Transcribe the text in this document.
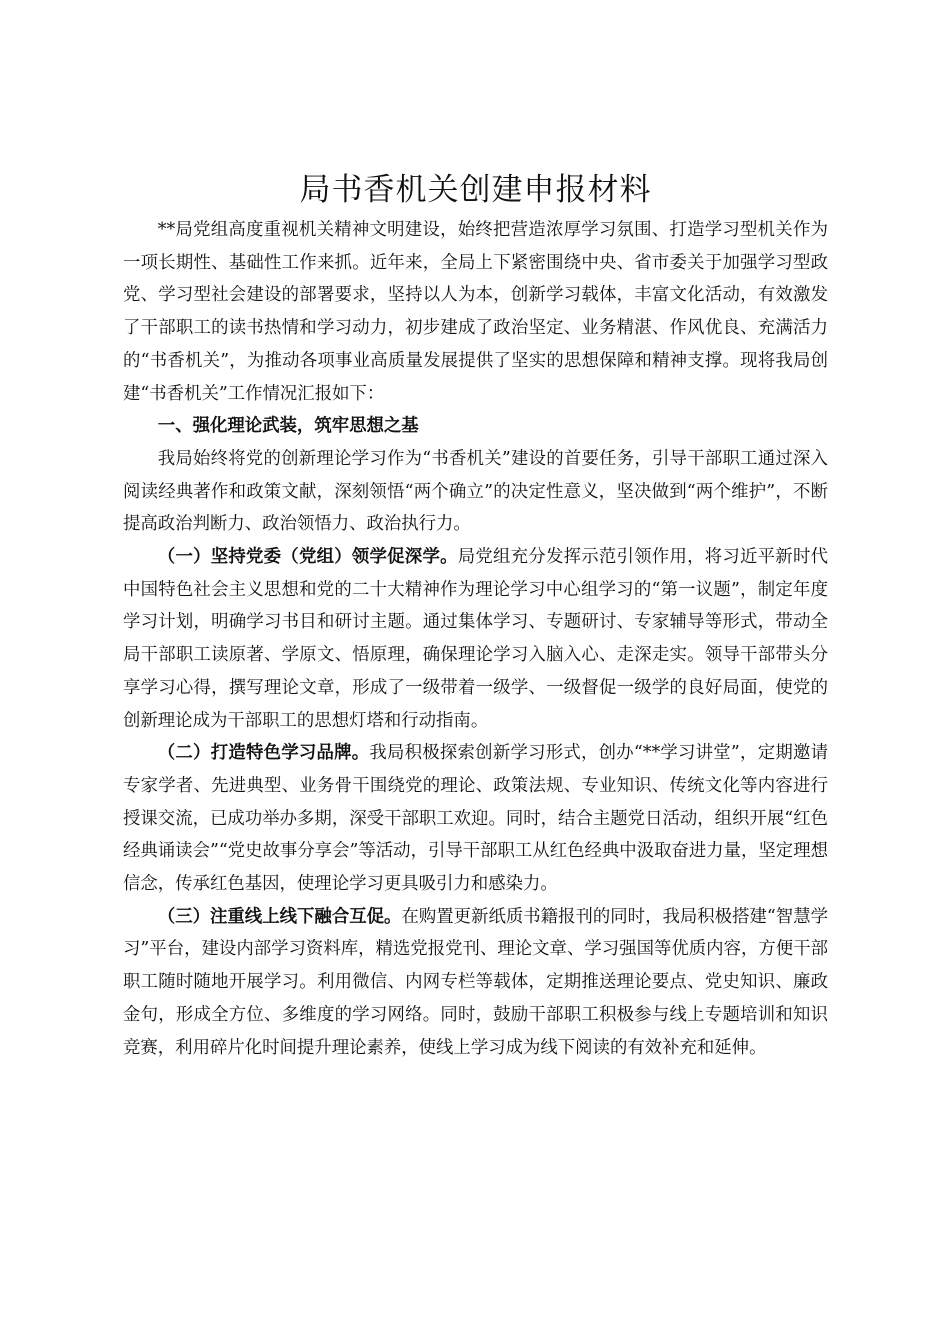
局书香机关创建申报材料

**局党组高度重视机关精神文明建设，始终把营造浓厚学习氛围、打造学习型机关作为一项长期性、基础性工作来抓。近年来，全局上下紧密围绕中央、省市委关于加强学习型政党、学习型社会建设的部署要求，坚持以人为本，创新学习载体，丰富文化活动，有效激发了干部职工的读书热情和学习动力，初步建成了政治坚定、业务精湛、作风优良、充满活力的“书香机关”，为推动各项事业高质量发展提供了坚实的思想保障和精神支撑。现将我局创建“书香机关”工作情况汇报如下：

一、强化理论武装，筑牢思想之基

我局始终将党的创新理论学习作为“书香机关”建设的首要任务，引导干部职工通过深入阅读经典著作和政策文献，深刻领悟“两个确立”的决定性意义，坚决做到“两个维护”，不断提高政治判断力、政治领悟力、政治执行力。

（一）坚持党委（党组）领学促深学。局党组充分发挥示范引领作用，将习近平新时代中国特色社会主义思想和党的二十大精神作为理论学习中心组学习的“第一议题”，制定年度学习计划，明确学习书目和研讨主题。通过集体学习、专题研讨、专家辅导等形式，带动全局干部职工读原著、学原文、悟原理，确保理论学习入脑入心、走深走实。领导干部带头分享学习心得，撰写理论文章，形成了一级带着一级学、一级督促一级学的良好局面，使党的创新理论成为干部职工的思想灯塔和行动指南。

（二）打造特色学习品牌。我局积极探索创新学习形式，创办“**学习讲堂”，定期邀请专家学者、先进典型、业务骨干围绕党的理论、政策法规、专业知识、传统文化等内容进行授课交流，已成功举办多期，深受干部职工欢迎。同时，结合主题党日活动，组织开展“红色经典诵读会”“党史故事分享会”等活动，引导干部职工从红色经典中汲取奋进力量，坚定理想信念，传承红色基因，使理论学习更具吸引力和感染力。

（三）注重线上线下融合互促。在购置更新纸质书籍报刊的同时，我局积极搭建“智慧学习”平台，建设内部学习资料库，精选党报党刊、理论文章、学习强国等优质内容，方便干部职工随时随地开展学习。利用微信、内网专栏等载体，定期推送理论要点、党史知识、廉政金句，形成全方位、多维度的学习网络。同时，鼓励干部职工积极参与线上专题培训和知识竞赛，利用碎片化时间提升理论素养，使线上学习成为线下阅读的有效补充和延伸。
